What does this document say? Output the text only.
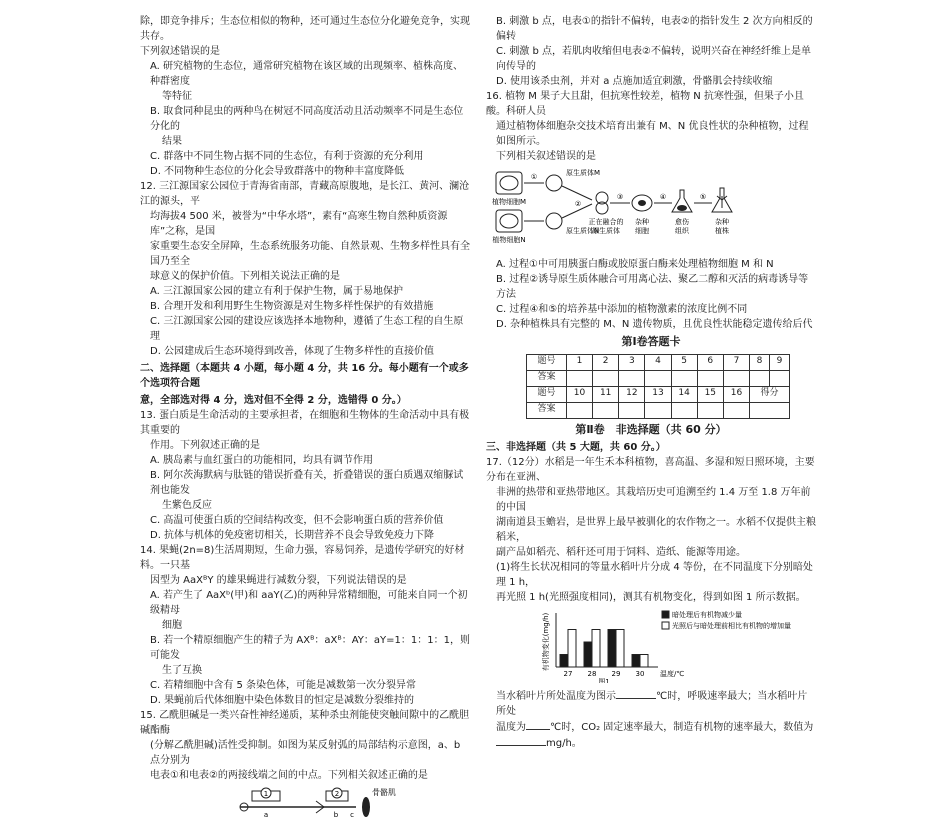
除，即竞争排斥；生态位相似的物种，还可通过生态位分化避免竞争，实现共存。

下列叙述错误的是

A. 研究植物的生态位，通常研究植物在该区域的出现频率、植株高度、种群密度

等特征

B. 取食同种昆虫的两种鸟在树冠不同高度活动且活动频率不同是生态位分化的

结果

C. 群落中不同生物占据不同的生态位，有利于资源的充分利用

D. 不同物种生态位的分化会导致群落中的物种丰富度降低

12. 三江源国家公园位于青海省南部，青藏高原腹地，是长江、黄河、澜沧江的源头，平

均海拔4 500 米，被誉为“中华水塔”，素有“高寒生物自然种质资源库”之称，是国

家重要生态安全屏障，生态系统服务功能、自然景观、生物多样性具有全国乃至全

球意义的保护价值。下列相关说法正确的是

A. 三江源国家公园的建立有利于保护生物，属于易地保护

B. 合理开发和利用野生生物资源是对生物多样性保护的有效措施

C. 三江源国家公园的建设应该选择本地物种，遵循了生态工程的自生原理

D. 公园建成后生态环境得到改善，体现了生物多样性的直接价值

二、选择题（本题共 4 小题，每小题 4 分，共 16 分。每小题有一个或多个选项符合题

意，全部选对得 4 分，选对但不全得 2 分，选错得 0 分。）

13. 蛋白质是生命活动的主要承担者，在细胞和生物体的生命活动中具有极其重要的

作用。下列叙述正确的是

A. 胰岛素与血红蛋白的功能相同，均具有调节作用

B. 阿尔茨海默病与肽链的错误折叠有关，折叠错误的蛋白质遇双缩脲试剂也能发

生紫色反应

C. 高温可使蛋白质的空间结构改变，但不会影响蛋白质的营养价值

D. 抗体与机体的免疫密切相关，长期营养不良会导致免疫力下降

14. 果蝇(2n=8)生活周期短，生命力强，容易饲养，是遗传学研究的好材料。一只基

因型为 AaXᴮY 的雄果蝇进行减数分裂，下列说法错误的是

A. 若产生了 AaXᵇ(甲)和 aaY(乙)的两种异常精细胞，可能来自同一个初级精母

细胞

B. 若一个精原细胞产生的精子为 AXᴮ：aXᴮ：AY：aY=1：1：1：1，则可能发

生了互换

C. 若精细胞中含有 5 条染色体，可能是减数第一次分裂异常

D. 果蝇前后代体细胞中染色体数目的恒定是减数分裂维持的

15. 乙酰胆碱是一类兴奋性神经递质，某种杀虫剂能使突触间隙中的乙酰胆碱酯酶

(分解乙酰胆碱)活性受抑制。如图为某反射弧的局部结构示意图，a、b 点分别为

电表①和电表②的两接线端之间的中点。下列相关叙述正确的是

1	2
a	b c
骨骼肌

B. 刺激 b 点，电表①的指针不偏转，电表②的指针发生 2 次方向相反的偏转

C. 刺激 b 点，若肌肉收缩但电表②不偏转，说明兴奋在神经纤维上是单向传导的

D. 使用该杀虫剂，并对 a 点施加适宜刺激，骨骼肌会持续收缩

16. 植物 M 果子大且甜，但抗寒性较差，植物 N 抗寒性强，但果子小且酸。科研人员

通过植物体细胞杂交技术培育出兼有 M、N 优良性状的杂种植物，过程如图所示。

下列相关叙述错误的是

植物细胞M
植物细胞N
①	原生质体M
原生质体N
②
正在融合的
原生质体
③
杂种
细胞
④
愈伤
组织
⑤
杂种
植株

A. 过程①中可用胰蛋白酶或胶原蛋白酶来处理植物细胞 M 和 N

B. 过程②诱导原生质体融合可用离心法、聚乙二醇和灭活的病毒诱导等方法

C. 过程④和⑤的培养基中添加的植物激素的浓度比例不同

D. 杂种植株具有完整的 M、N 遗传物质，且优良性状能稳定遗传给后代

第Ⅰ卷答题卡

题号	1	2	3	4	5	6	7	8	9
答案									
题号	10	11	12	13	14	15	16	得分	
答案									

第Ⅱ卷　非选择题（共 60 分）

三、非选择题（共 5 大题，共 60 分。）

17.（12分）水稻是一年生禾本科植物，喜高温、多湿和短日照环境，主要分布在亚洲、

非洲的热带和亚热带地区。其栽培历史可追溯至约 1.4 万至 1.8 万年前的中国

湖南道县玉蟾岩，是世界上最早被驯化的农作物之一。水稻不仅提供主粮稻米，

副产品如稻壳、稻秆还可用于饲料、造纸、能源等用途。

(1)将生长状况相同的等量水稻叶片分成 4 等份，在不同温度下分别暗处理 1 h，

再光照 1 h(光照强度相同)，测其有机物变化，得到如图 1 所示数据。

有机物变化(mg/h)
27 28 29 30 温度/℃
图1
暗处理后有机物减少量
光照后与暗处理前相比有机物的增加量

当水稻叶片所处温度为图示	℃时，呼吸速率最大；当水稻叶片所处

温度为 ℃时，CO₂ 固定速率最大，制造有机物的速率最大，数值为

mg/h。
